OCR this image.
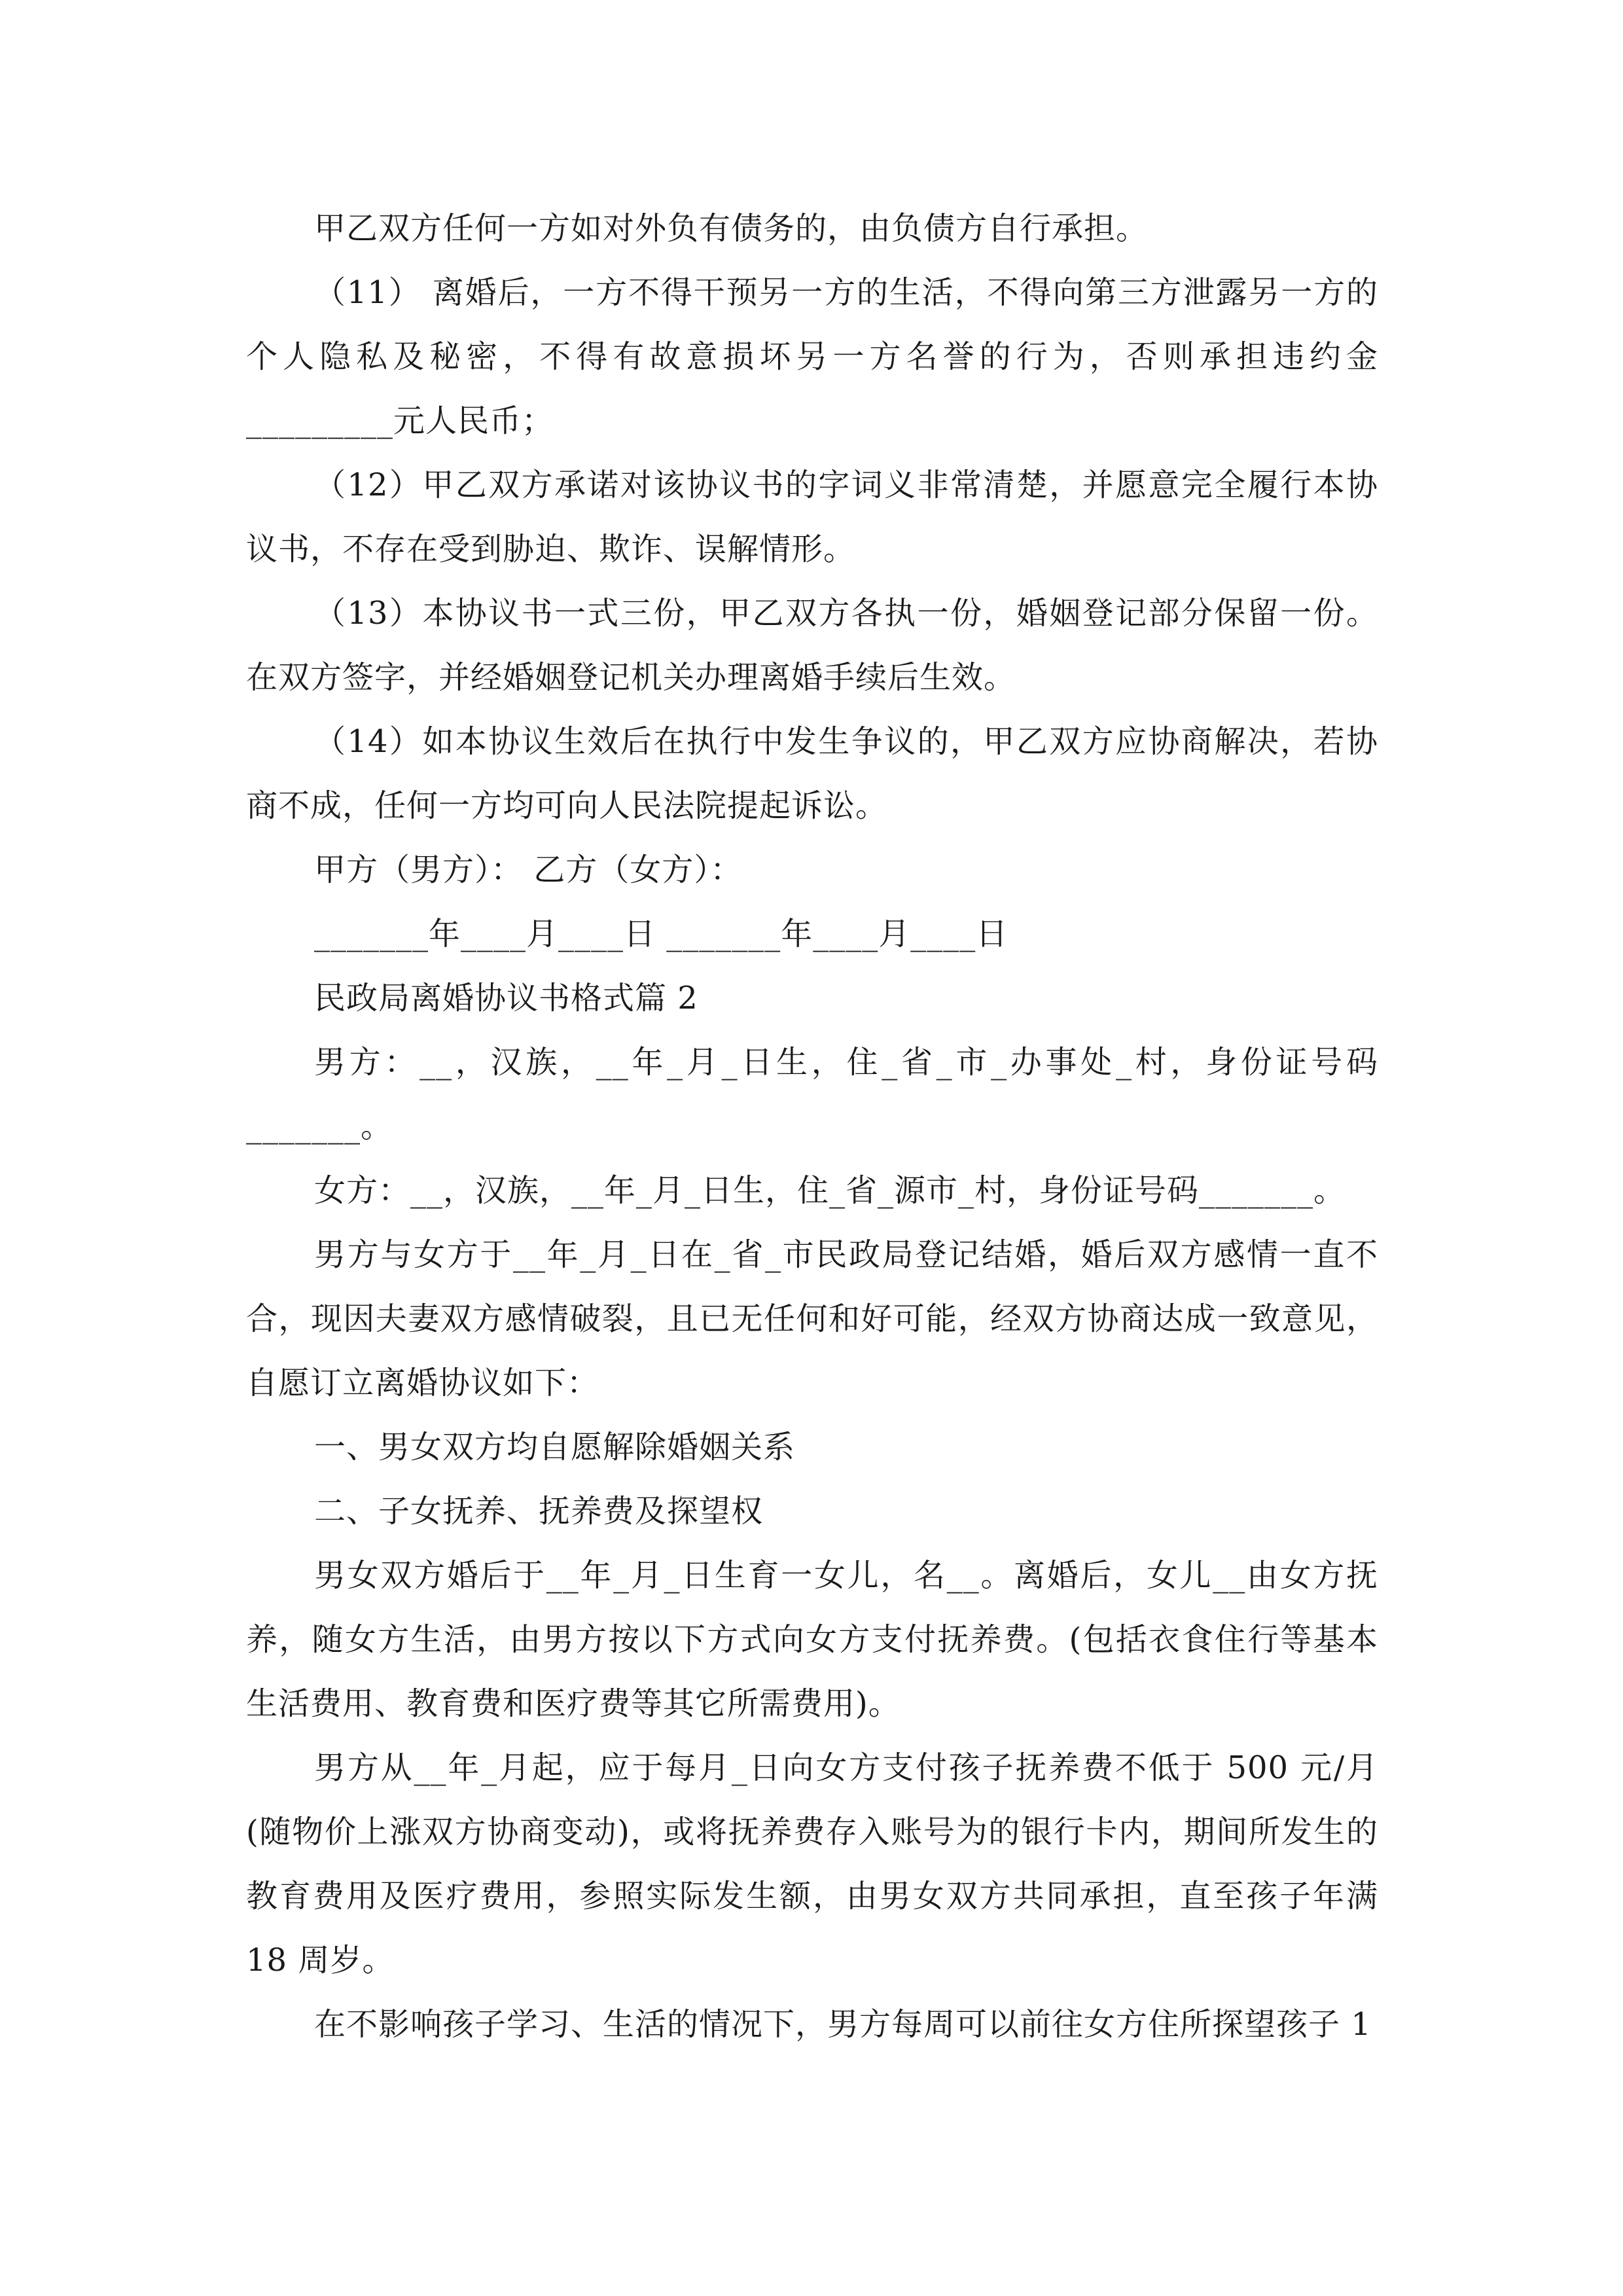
甲乙双方任何一方如对外负有债务的，由负债方自行承担。

（11） 离婚后，一方不得干预另一方的生活，不得向第三方泄露另一方的个人隐私及秘密，不得有故意损坏另一方名誉的行为，否则承担违约金_________元人民币；

（12）甲乙双方承诺对该协议书的字词义非常清楚，并愿意完全履行本协议书，不存在受到胁迫、欺诈、误解情形。

（13）本协议书一式三份，甲乙双方各执一份，婚姻登记部分保留一份。在双方签字，并经婚姻登记机关办理离婚手续后生效。

（14）如本协议生效后在执行中发生争议的，甲乙双方应协商解决，若协商不成，任何一方均可向人民法院提起诉讼。

甲方（男方）： 乙方（女方）：

_______年____月____日 _______年____月____日

民政局离婚协议书格式篇 2

男方：__，汉族，__年_月_日生，住_省_市_办事处_村，身份证号码_______。

女方：__，汉族，__年_月_日生，住_省_源市_村，身份证号码_______。

男方与女方于__年_月_日在_省_市民政局登记结婚，婚后双方感情一直不合，现因夫妻双方感情破裂，且已无任何和好可能，经双方协商达成一致意见，自愿订立离婚协议如下：

一、男女双方均自愿解除婚姻关系

二、子女抚养、抚养费及探望权

男女双方婚后于__年_月_日生育一女儿，名__。离婚后，女儿__由女方抚养，随女方生活，由男方按以下方式向女方支付抚养费。(包括衣食住行等基本生活费用、教育费和医疗费等其它所需费用)。

男方从__年_月起，应于每月_日向女方支付孩子抚养费不低于 500 元/月(随物价上涨双方协商变动)，或将抚养费存入账号为的银行卡内，期间所发生的教育费用及医疗费用，参照实际发生额，由男女双方共同承担，直至孩子年满 18 周岁。

在不影响孩子学习、生活的情况下，男方每周可以前往女方住所探望孩子 1
